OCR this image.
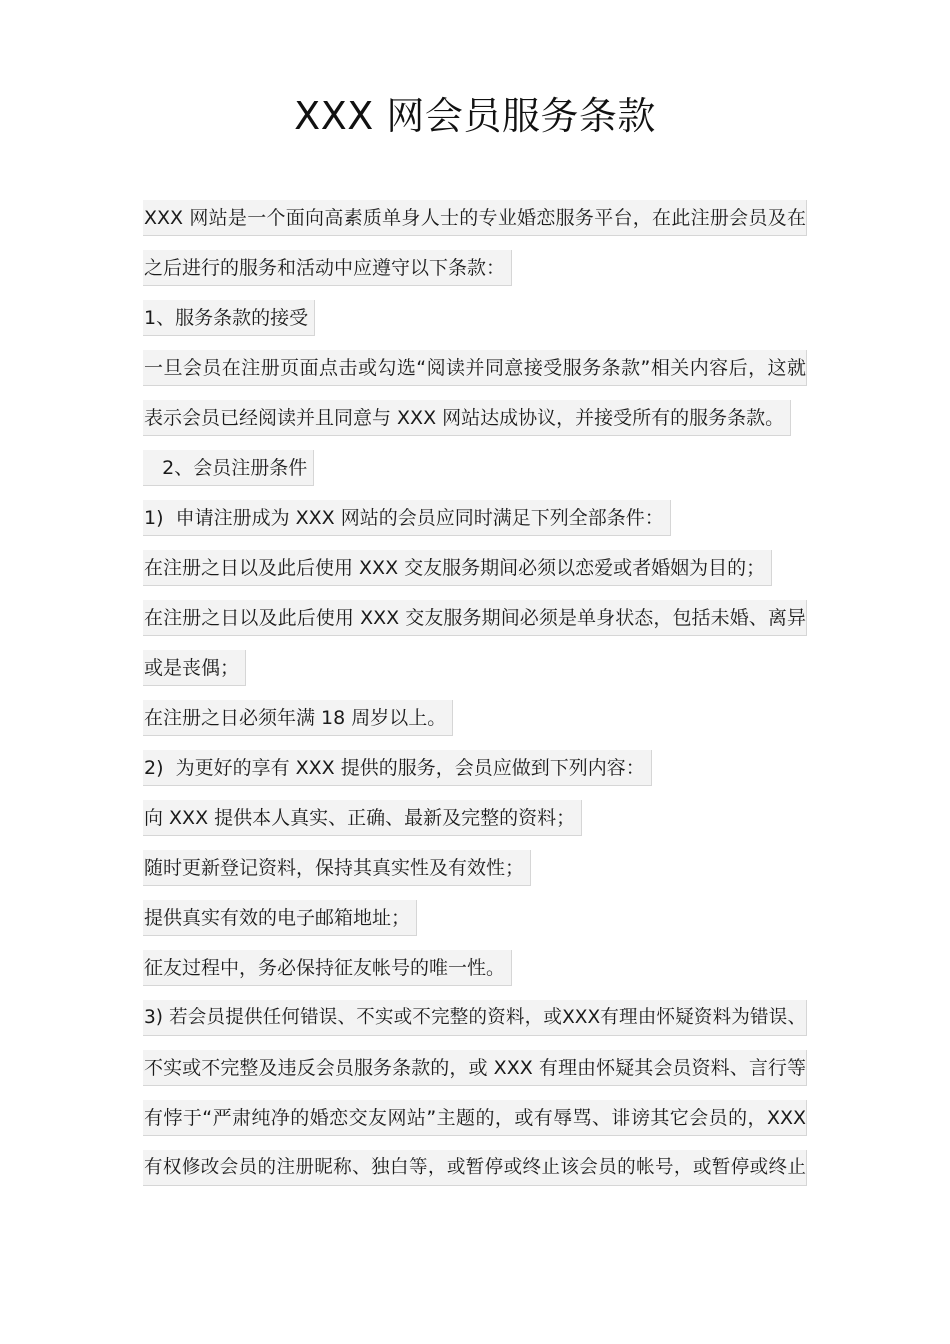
XXX 网会员服务条款
XXX 网站是一个面向高素质单身人士的专业婚恋服务平台，在此注册会员及在
之后进行的服务和活动中应遵守以下条款：
1、服务条款的接受
一旦会员在注册页面点击或勾选“阅读并同意接受服务条款”相关内容后，这就
表示会员已经阅读并且同意与 XXX 网站达成协议，并接受所有的服务条款。
2、会员注册条件
1)  申请注册成为 XXX 网站的会员应同时满足下列全部条件：
在注册之日以及此后使用 XXX 交友服务期间必须以恋爱或者婚姻为目的；
在注册之日以及此后使用 XXX 交友服务期间必须是单身状态，包括未婚、离异
或是丧偶；
在注册之日必须年满 18 周岁以上。
2)  为更好的享有 XXX 提供的服务，会员应做到下列内容：
向 XXX 提供本人真实、正确、最新及完整的资料；
随时更新登记资料，保持其真实性及有效性；
提供真实有效的电子邮箱地址；
征友过程中，务必保持征友帐号的唯一性。
3) 若会员提供任何错误、不实或不完整的资料，或XXX有理由怀疑资料为错误、
不实或不完整及违反会员服务条款的，或 XXX 有理由怀疑其会员资料、言行等
有悖于“严肃纯净的婚恋交友网站”主题的，或有辱骂、诽谤其它会员的，XXX
有权修改会员的注册昵称、独白等，或暂停或终止该会员的帐号，或暂停或终止
